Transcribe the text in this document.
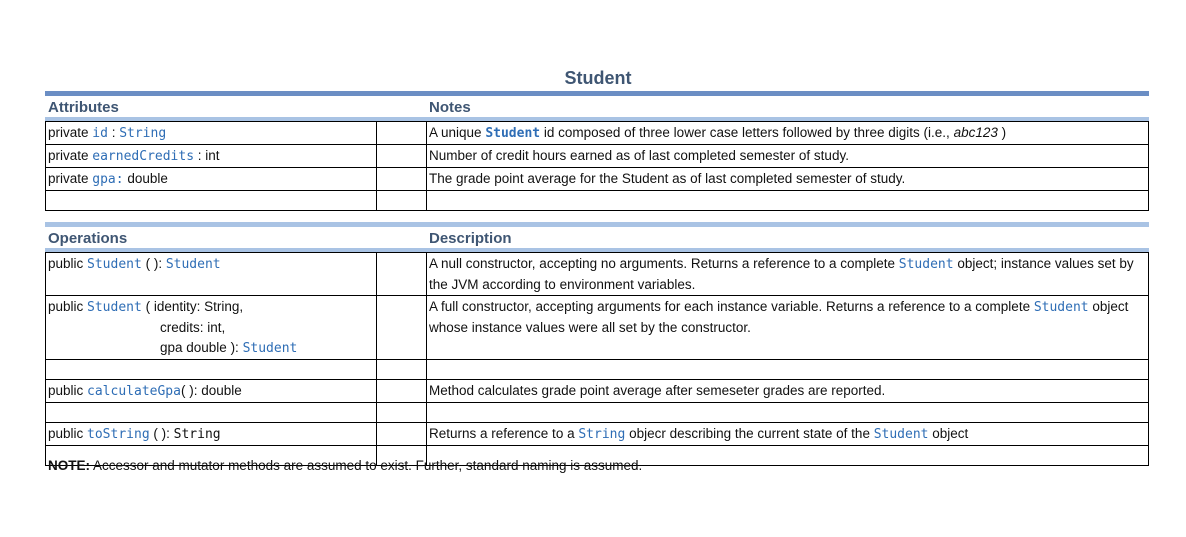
Student
Attributes	Notes
private id : String		A unique Student id composed of three lower case letters followed by three digits (i.e., abc123 )
private earnedCredits : int		Number of credit hours earned as of last completed semester of study.
private gpa: double		The grade point average for the Student as of last completed semester of study.

Operations	Description
public Student ( ): Student		A null constructor, accepting no arguments. Returns a reference to a complete Student object; instance values set by the JVM according to environment variables.
public Student ( identity: String,
credits: int,
gpa double ): Student		A full constructor, accepting arguments for each instance variable. Returns a reference to a complete Student object whose instance values were all set by the constructor.

public calculateGpa( ): double		Method calculates grade point average after semeseter grades are reported.

public toString ( ): String		Returns a reference to a String objecr describing the current state of the Student object

NOTE: Accessor and mutator methods are assumed to exist. Further, standard naming is assumed.
